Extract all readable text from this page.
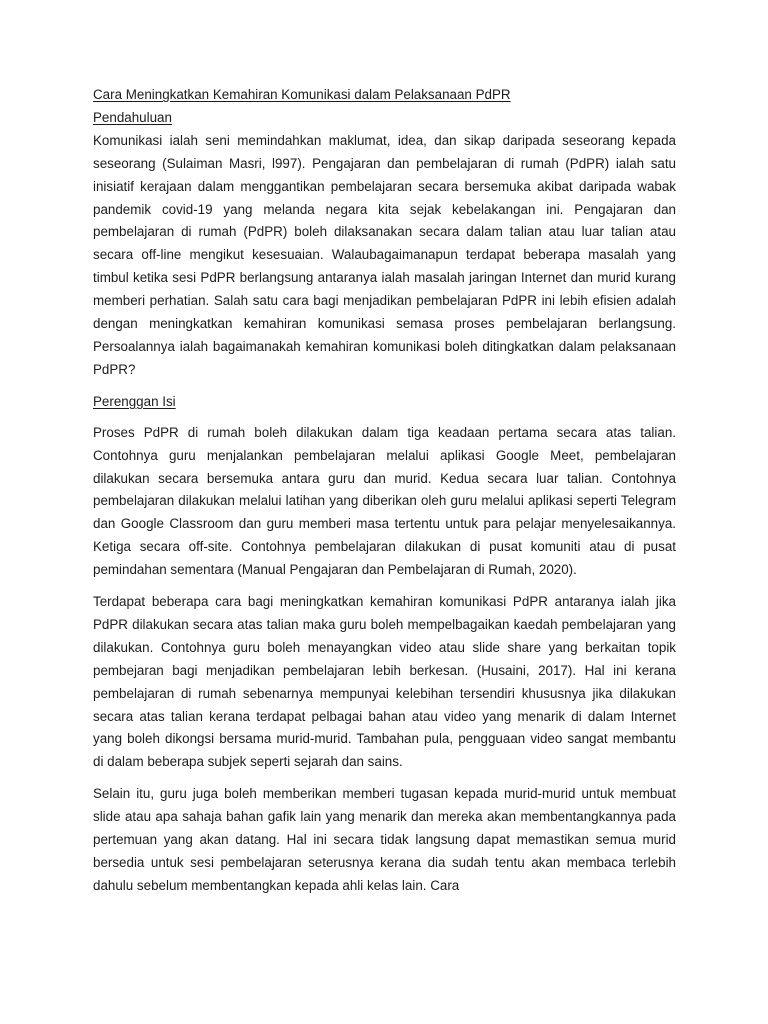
Cara Meningkatkan Kemahiran Komunikasi dalam Pelaksanaan PdPR

Pendahuluan

Komunikasi ialah seni memindahkan maklumat, idea, dan sikap daripada seseorang kepada seseorang (Sulaiman Masri, l997). Pengajaran dan pembelajaran di rumah (PdPR) ialah satu inisiatif kerajaan dalam menggantikan pembelajaran secara bersemuka akibat daripada wabak pandemik covid-19 yang melanda negara kita sejak kebelakangan ini. Pengajaran dan pembelajaran di rumah (PdPR) boleh dilaksanakan secara dalam talian atau luar talian atau secara off-line mengikut kesesuaian. Walaubagaimanapun terdapat beberapa masalah yang timbul ketika sesi PdPR berlangsung antaranya ialah masalah jaringan Internet dan murid kurang memberi perhatian. Salah satu cara bagi menjadikan pembelajaran PdPR ini lebih efisien adalah dengan meningkatkan kemahiran komunikasi semasa proses pembelajaran berlangsung. Persoalannya ialah bagaimanakah kemahiran komunikasi boleh ditingkatkan dalam pelaksanaan PdPR?

Perenggan Isi

Proses PdPR di rumah boleh dilakukan dalam tiga keadaan pertama secara atas talian. Contohnya guru menjalankan pembelajaran melalui aplikasi Google Meet, pembelajaran dilakukan secara bersemuka antara guru dan murid. Kedua secara luar talian. Contohnya pembelajaran dilakukan melalui latihan yang diberikan oleh guru melalui aplikasi seperti Telegram dan Google Classroom dan guru memberi masa tertentu untuk para pelajar menyelesaikannya. Ketiga secara off-site. Contohnya pembelajaran dilakukan di pusat komuniti atau di pusat pemindahan sementara (Manual Pengajaran dan Pembelajaran di Rumah, 2020).

Terdapat beberapa cara bagi meningkatkan kemahiran komunikasi PdPR antaranya ialah jika PdPR dilakukan secara atas talian maka guru boleh mempelbagaikan kaedah pembelajaran yang dilakukan. Contohnya guru boleh menayangkan video atau slide share yang berkaitan topik pembejaran bagi menjadikan pembelajaran lebih berkesan. (Husaini, 2017). Hal ini kerana pembelajaran di rumah sebenarnya mempunyai kelebihan tersendiri khususnya jika dilakukan secara atas talian kerana terdapat pelbagai bahan atau video yang menarik di dalam Internet yang boleh dikongsi bersama murid-murid. Tambahan pula, pengguaan video sangat membantu di dalam beberapa subjek seperti sejarah dan sains.

Selain itu, guru juga boleh memberikan memberi tugasan kepada murid-murid untuk membuat slide atau apa sahaja bahan gafik lain yang menarik dan mereka akan membentangkannya pada pertemuan yang akan datang. Hal ini secara tidak langsung dapat memastikan semua murid bersedia untuk sesi pembelajaran seterusnya kerana dia sudah tentu akan membaca terlebih dahulu sebelum membentangkan kepada ahli kelas lain. Cara
